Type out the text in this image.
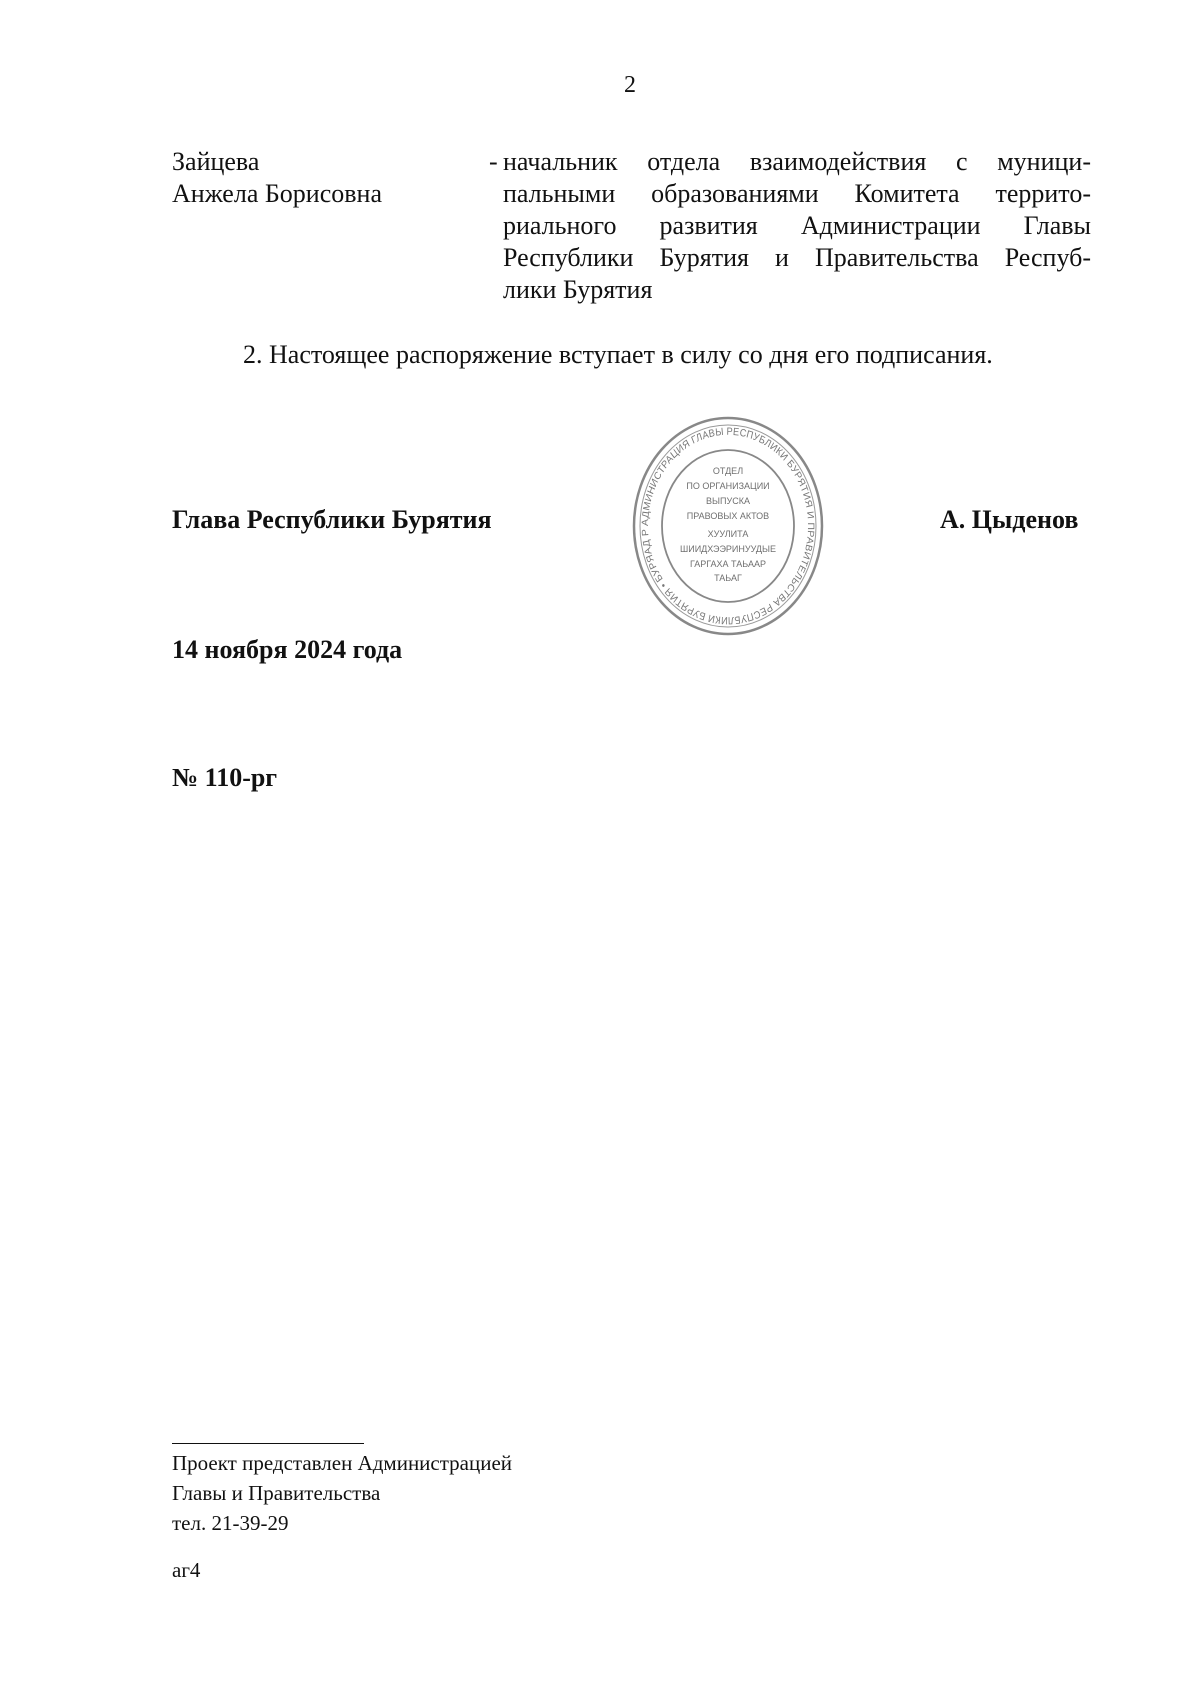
2
Зайцева
Анжела Борисовна
- начальник отдела взаимодействия с муници-
пальными образованиями Комитета террито-
риального развития Администрации Главы
Республики Бурятия и Правительства Респуб-
лики Бурятия
2. Настоящее распоряжение вступает в силу со дня его подписания.
Глава Республики Бурятия	АДМИНИСТРАЦИЯ ГЛАВЫ РЕСПУБЛИКИ БУРЯТИЯ И ПРАВИТЕЛЬСТВА РЕСПУБЛИКИ БУРЯТИЯ • БУРЯАД Р
ОТДЕЛ
ПО ОРГАНИЗАЦИИ
ВЫПУСКА
ПРАВОВЫХ АКТОВ
ХУУЛИТА
ШИИДХЭЭРИНУУДЫЕ
ГАРГАХА ТАЬААР
ТАЬАГ
А. Цыденов
14 ноября 2024 года
№ 110-рг
Проект представлен Администрацией
Главы и Правительства
тел. 21-39-29
аг4
